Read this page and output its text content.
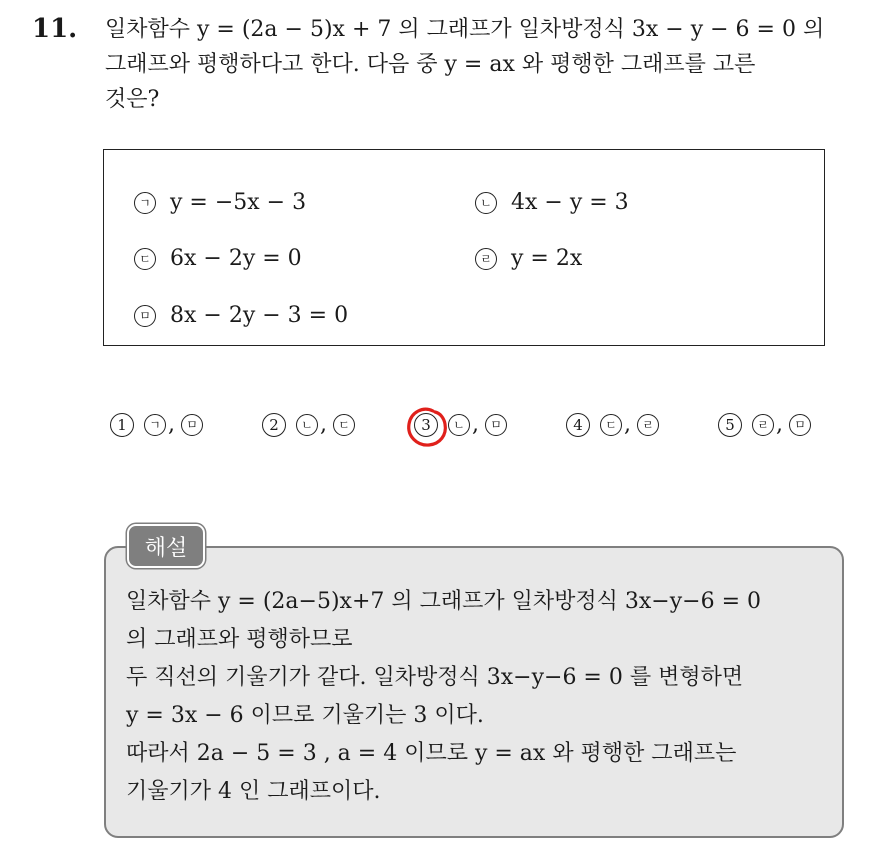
11. 일차함수 y = (2a − 5)x + 7 의 그래프가 일차방정식 3x − y − 6 = 0 의
그래프와 평행하다고 한다. 다음 중 y = ax 와 평행한 그래프를 고른
것은?
ㄱ y = −5x − 3	ㄴ 4x − y = 3
ㄷ 6x − 2y = 0	ㄹ y = 2x
ㅁ 8x − 2y − 3 = 0
1	ㄱ , ㅁ	2	ㄴ , ㄷ	3	ㄴ , ㅁ	4	ㄷ , ㄹ	5	ㄹ , ㅁ
해설
일차함수 y = (2a−5)x+7 의 그래프가 일차방정식 3x−y−6 = 0
의 그래프와 평행하므로
두 직선의 기울기가 같다. 일차방정식 3x−y−6 = 0 를 변형하면
y = 3x − 6 이므로 기울기는 3 이다.
따라서 2a − 5 = 3 , a = 4 이므로 y = ax 와 평행한 그래프는
기울기가 4 인 그래프이다.
